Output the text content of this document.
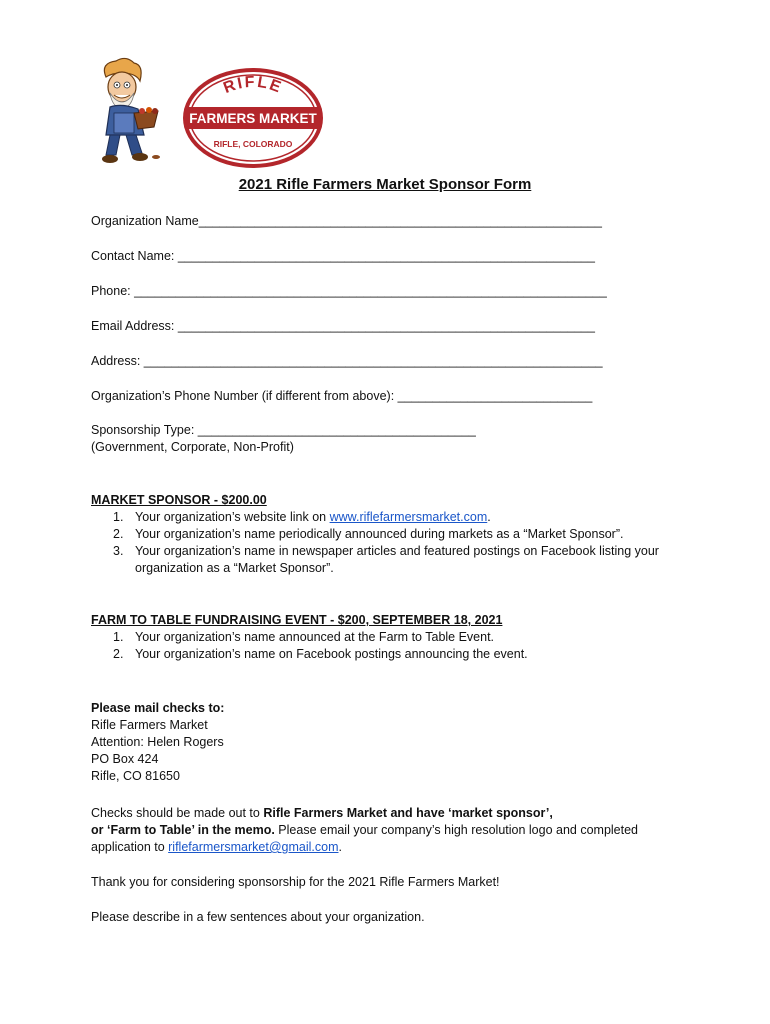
RIFLE
FARMERS MARKET
RIFLE, COLORADO
2021 Rifle Farmers Market Sponsor Form
Organization Name__________________________________________________________
Contact Name: ____________________________________________________________
Phone: ____________________________________________________________________
Email Address: ____________________________________________________________
Address: __________________________________________________________________
Organization’s Phone Number (if different from above): ____________________________
Sponsorship Type: ________________________________________
(Government, Corporate, Non-Profit)
MARKET SPONSOR - $200.00
1. Your organization’s website link on www.riflefarmersmarket.com.
2. Your organization’s name periodically announced during markets as a “Market Sponsor”.
3. Your organization’s name in newspaper articles and featured postings on Facebook listing your organization as a “Market Sponsor”.
FARM TO TABLE FUNDRAISING EVENT - $200, SEPTEMBER 18, 2021
1. Your organization’s name announced at the Farm to Table Event.
2. Your organization’s name on Facebook postings announcing the event.
Please mail checks to:
Rifle Farmers Market
Attention: Helen Rogers
PO Box 424
Rifle, CO 81650
Checks should be made out to Rifle Farmers Market and have ‘market sponsor’,
or ‘Farm to Table’ in the memo. Please email your company’s high resolution logo and completed
application to riflefarmersmarket@gmail.com.
Thank you for considering sponsorship for the 2021 Rifle Farmers Market!
Please describe in a few sentences about your organization.
